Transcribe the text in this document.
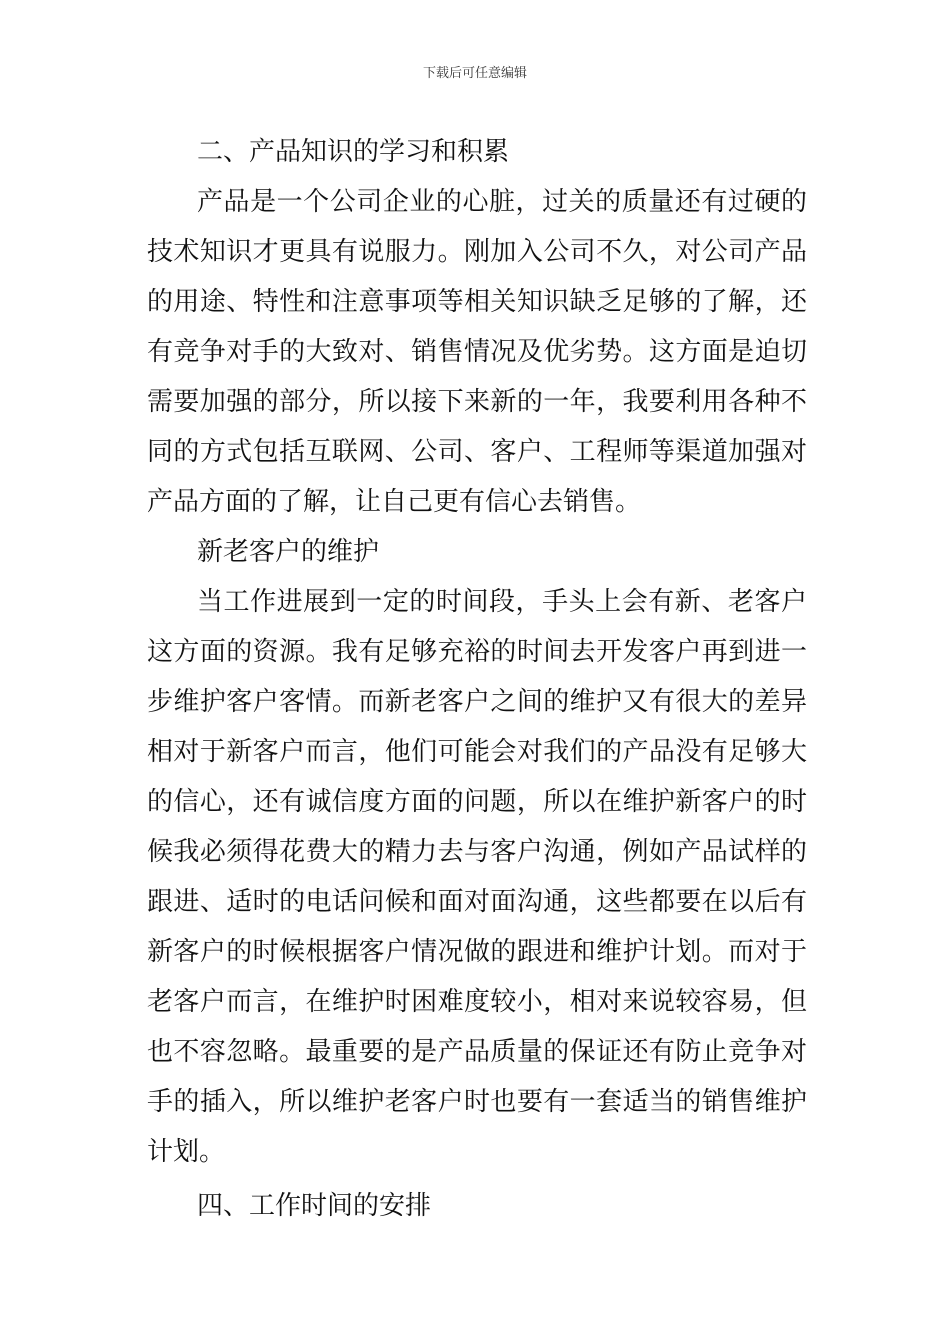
下载后可任意编辑
二、产品知识的学习和积累
产品是一个公司企业的心脏，过关的质量还有过硬的
技术知识才更具有说服力。刚加入公司不久，对公司产品
的用途、特性和注意事项等相关知识缺乏足够的了解，还
有竞争对手的大致对、销售情况及优劣势。这方面是迫切
需要加强的部分，所以接下来新的一年，我要利用各种不
同的方式包括互联网、公司、客户、工程师等渠道加强对
产品方面的了解，让自己更有信心去销售。
新老客户的维护
当工作进展到一定的时间段，手头上会有新、老客户
这方面的资源。我有足够充裕的时间去开发客户再到进一
步维护客户客情。而新老客户之间的维护又有很大的差异
相对于新客户而言，他们可能会对我们的产品没有足够大
的信心，还有诚信度方面的问题，所以在维护新客户的时
候我必须得花费大的精力去与客户沟通，例如产品试样的
跟进、适时的电话问候和面对面沟通，这些都要在以后有
新客户的时候根据客户情况做的跟进和维护计划。而对于
老客户而言，在维护时困难度较小，相对来说较容易，但
也不容忽略。最重要的是产品质量的保证还有防止竞争对
手的插入，所以维护老客户时也要有一套适当的销售维护
计划。
四、工作时间的安排
